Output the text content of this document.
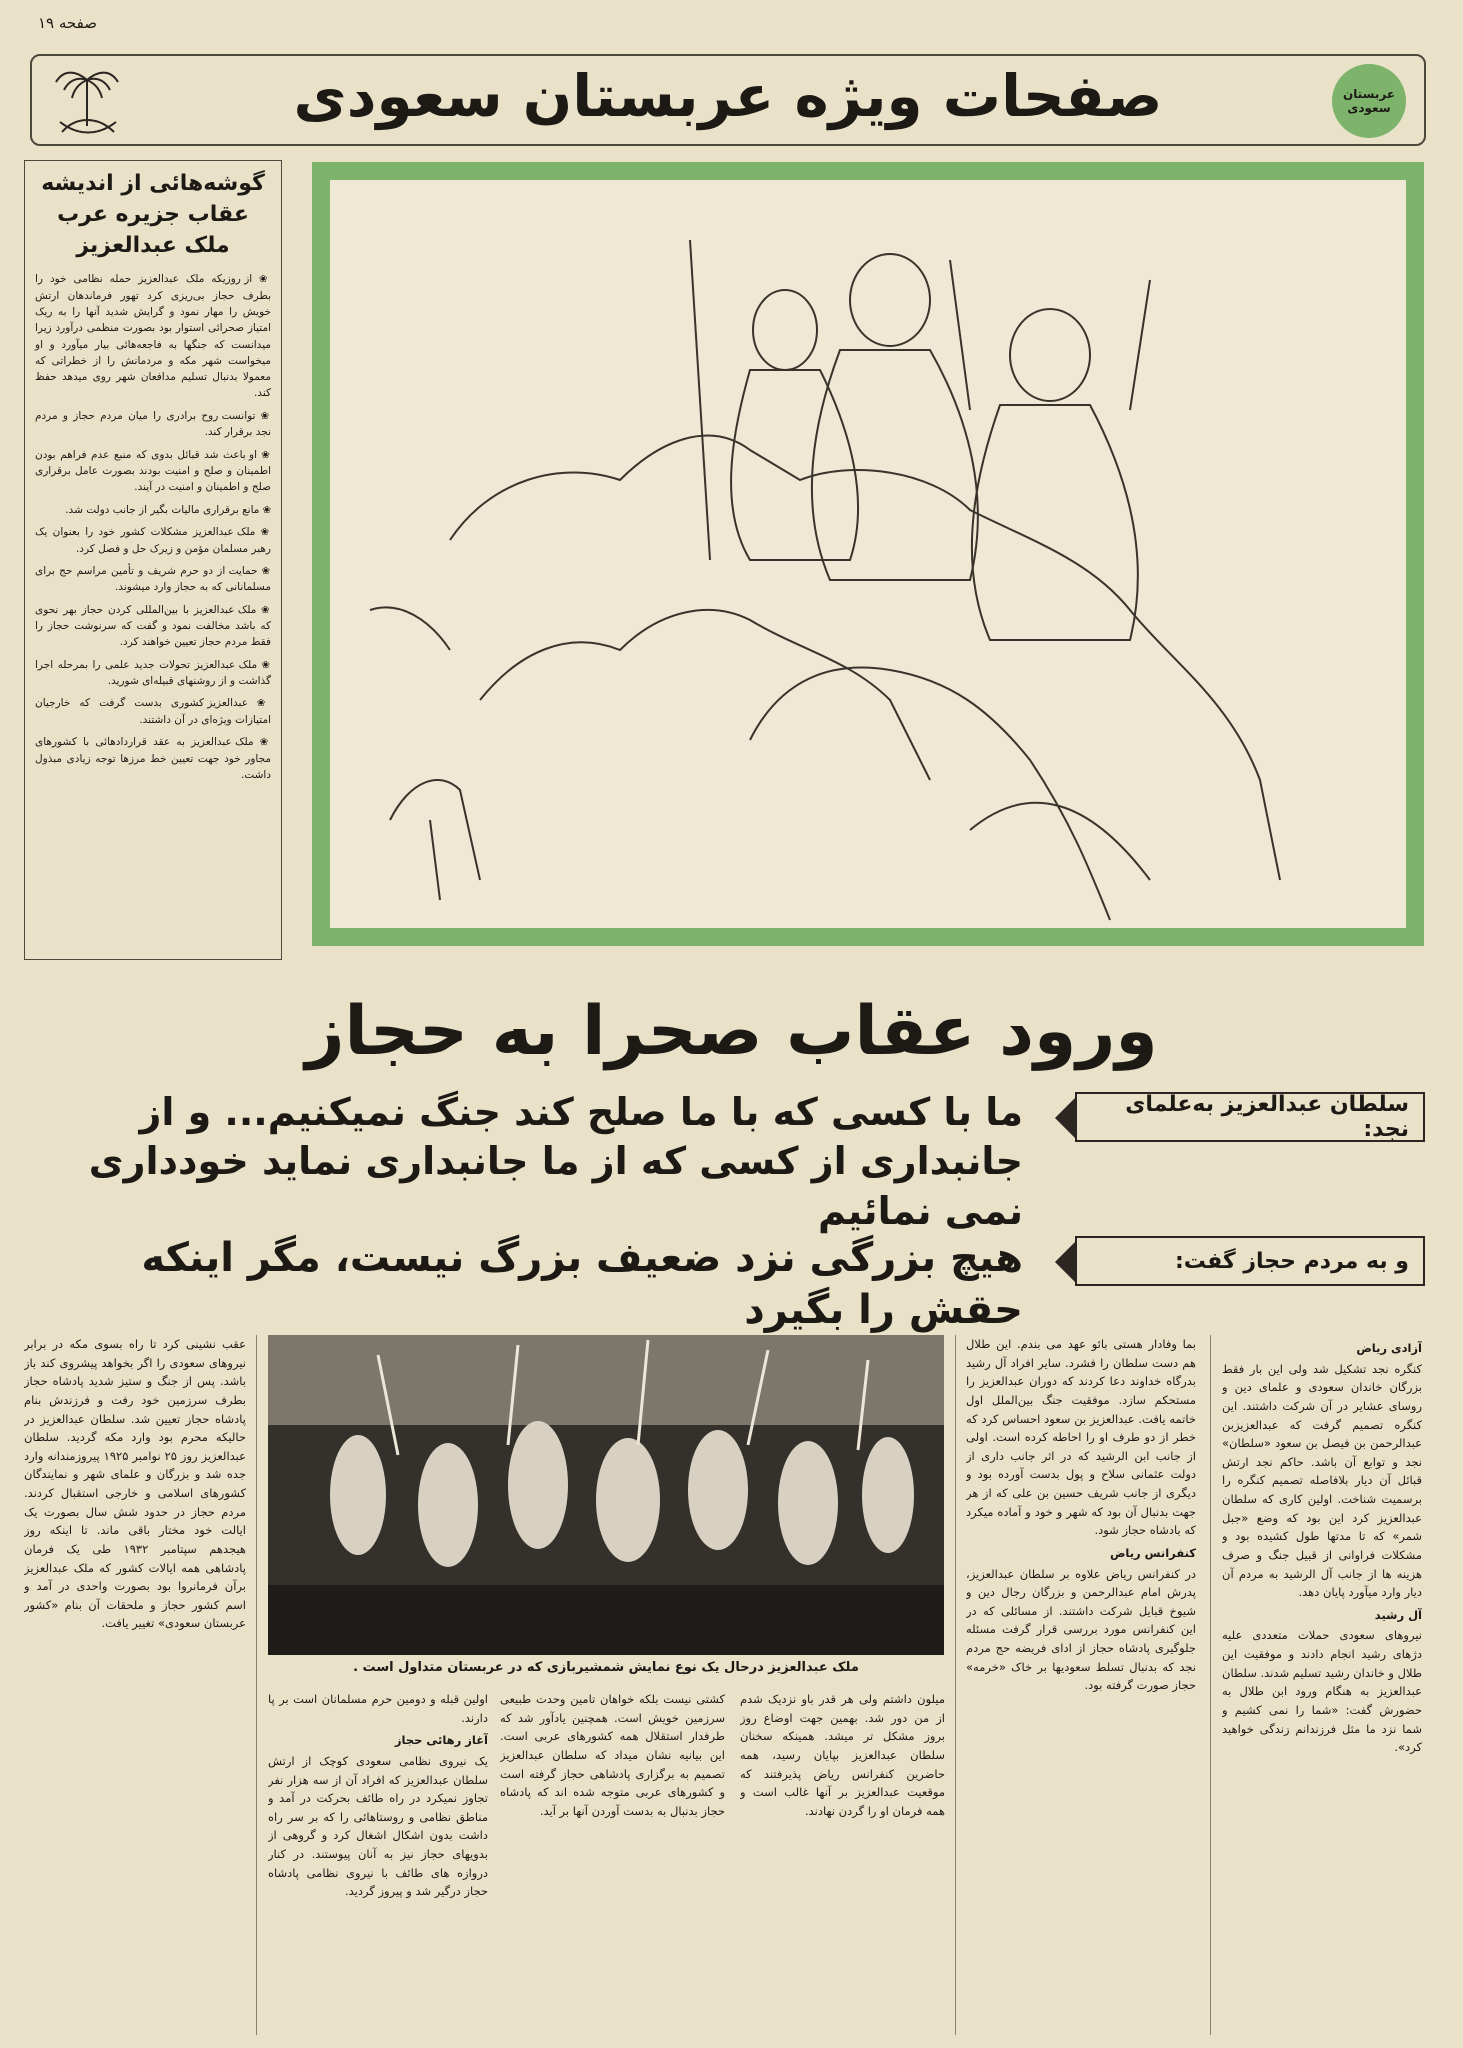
صفحه ۱۹
صفحات ویژه عربستان سعودی	عربستان سعودی
گوشه‌هائی از اندیشه عقاب جزیره عرب ملک عبدالعزیز
❀ از روزیکه ملک عبدالعزیز حمله نظامی خود را بطرف حجاز بی‌ریزی کرد تهور فرماندهان ارتش خویش را مهار نمود و گرایش شدید آنها را به ریک امتیاز صحرائی استوار بود بصورت منظمی درآورد زیرا میدانست که جنگها به فاجعه‌هائی بیار میآورد و او میخواست شهر مکه و مردمانش را از خطراتی که معمولا بدنبال تسلیم مدافعان شهر روی میدهد حفظ کند.
❀ توانست روح برادری را میان مردم حجاز و مردم نجد برقرار کند.
❀ او باعث شد قبائل بدوی که منبع عدم فراهم بودن اطمینان و صلح و امنیت بودند بصورت عامل برقراری صلح و اطمینان و امنیت در آیند.
❀ مانع برقراری مالیات بگیر از جانب دولت شد.
❀ ملک عبدالعزیز مشکلات کشور خود را بعنوان یک رهبر مسلمان مؤمن و زیرک حل و فصل کرد.
❀ حمایت از دو حرم شریف و تأمین مراسم حج برای مسلمانانی که به حجاز وارد میشوند.
❀ ملک عبدالعزیز با بین‌المللی کردن حجاز بهر نحوی که باشد مخالفت نمود و گفت که سرنوشت حجاز را فقط مردم حجاز تعیین خواهند کرد.
❀ ملک عبدالعزیز تحولات جدید علمی را بمرحله اجرا گذاشت و از روشنهای قبیله‌ای شورید.
❀ عبدالعزیز کشوری بدست گرفت که خارجیان امتیازات ویژه‌ای در آن داشتند.
❀ ملک عبدالعزیز به عقد قراردادهائی با کشورهای مجاور خود جهت تعیین خط مرزها توجه زیادی مبذول داشت.
ورود عقاب صحرا به حجاز
سلطان عبدالعزیز به‌علمای نجد:
ما با کسی که با ما صلح کند جنگ نمیکنیم... و از جانبداری از کسی که از ما جانبداری نماید خودداری نمی نمائیم
و به مردم حجاز گفت:
هیچ بزرگی نزد ضعیف بزرگ نیست، مگر اینکه حقش را بگیرد
ملک عبدالعزیز درحال یک نوع نمایش شمشیربازی که در عربستان متداول است .

آزادی ریاض

کنگره نجد تشکیل شد ولی این بار فقط بزرگان خاندان سعودی و علمای دین و روسای عشایر در آن شرکت داشتند. این کنگره تصمیم گرفت که عبدالعزیزبن عبدالرحمن بن فیصل بن سعود «سلطان» نجد و توابع آن باشد. حاکم نجد ارتش قبائل آن دیار بلافاصله تصمیم کنگره را برسمیت شناخت. اولین کاری که سلطان عبدالعزیز کرد این بود که وضع «جبل شمر» که تا مدتها طول کشیده بود و مشکلات فراوانی از قبیل جنگ و صرف هزینه ها از جانب آل الرشید به مردم آن دیار وارد میآورد پایان دهد.

آل رشید

نیروهای سعودی حملات متعددی علیه دژهای رشید انجام دادند و موفقیت این طلال و خاندان رشید تسلیم شدند. سلطان عبدالعزیز به هنگام ورود ابن طلال به حضورش گفت: «شما را نمی کشیم و شما نزد ما مثل فرزندانم زندگی خواهید کرد».

بما وفادار هستی بائو عهد می بندم. این طلال هم دست سلطان را فشرد. سایر افراد آل رشید بدرگاه خداوند دعا کردند که دوران عبدالعزیز را مستحکم سازد. موفقیت جنگ بین‌الملل اول خاتمه یافت. عبدالعزیز بن سعود احساس کرد که خطر از دو طرف او را احاطه کرده است. اولی از جانب ابن الرشید که در اثر جانب داری از دولت عثمانی سلاح و پول بدست آورده بود و دیگری از جانب شریف حسین بن علی که از هر جهت بدنبال آن بود که شهر و خود و آماده میکرد که بادشاه حجاز شود.

کنفرانس ریاض

در کنفرانس ریاض علاوه بر سلطان عبدالعزیز، پدرش امام عبدالرحمن و بزرگان رجال دین و شیوخ قبایل شرکت داشتند. از مسائلی که در این کنفرانس مورد بررسی قرار گرفت مسئله جلوگیری پادشاه حجاز از ادای فریضه حج مردم نجد که بدنبال تسلط سعودیها بر خاک «خرمه» حجاز صورت گرفته بود.

میلون داشتم ولی هر قدر باو نزدیک شدم از من دور شد. بهمین جهت اوضاع روز بروز مشکل تر میشد. همینکه سخنان سلطان عبدالعزیز بپایان رسید، همه حاضرین کنفرانس ریاض پذیرفتند که موقعیت عبدالعزیز بر آنها غالب است و همه فرمان او را گردن نهادند.

کشتی نیست بلکه خواهان تامین وحدت طبیعی سرزمین خویش است. همچنین یادآور شد که طرفدار استقلال همه کشورهای عربی است. این بیانیه نشان میداد که سلطان عبدالعزیز تصمیم به برگزاری پادشاهی حجاز گرفته است و کشورهای عربی متوجه شده اند که پادشاه حجاز بدنبال به بدست آوردن آنها بر آید.

اولین قبله و دومین حرم مسلمانان است بر پا دارند.

آغاز رهائی حجاز

یک نیروی نظامی سعودی کوچک از ارتش سلطان عبدالعزیز که افراد آن از سه هزار نفر تجاوز نمیکرد در راه طائف بحرکت در آمد و مناطق نظامی و روستاهائی را که بر سر راه داشت بدون اشکال اشغال کرد و گروهی از بدویهای حجاز نیز به آنان پیوستند. در کنار دروازه های طائف با نیروی نظامی پادشاه حجاز درگیر شد و پیروز گردید.

عقب نشینی کرد تا راه بسوی مکه در برابر نیروهای سعودی را اگر بخواهد پیشروی کند باز باشد. پس از جنگ و ستیز شدید پادشاه حجاز بطرف سرزمین خود رفت و فرزندش بنام پادشاه حجاز تعیین شد. سلطان عبدالعزیز در حالیکه محرم بود وارد مکه گردید. سلطان عبدالعزیز روز ۲۵ نوامبر ۱۹۲۵ پیروزمندانه وارد جده شد و بزرگان و علمای شهر و نمایندگان کشورهای اسلامی و خارجی استقبال کردند. مردم حجاز در حدود شش سال بصورت یک ایالت خود مختار باقی ماند. تا اینکه روز هیجدهم سپتامبر ۱۹۳۲ طی یک فرمان پادشاهی همه ایالات کشور که ملک عبدالعزیز برآن فرمانروا بود بصورت واحدی در آمد و اسم کشور حجاز و ملحقات آن بنام «کشور عربستان سعودی» تغییر یافت.
